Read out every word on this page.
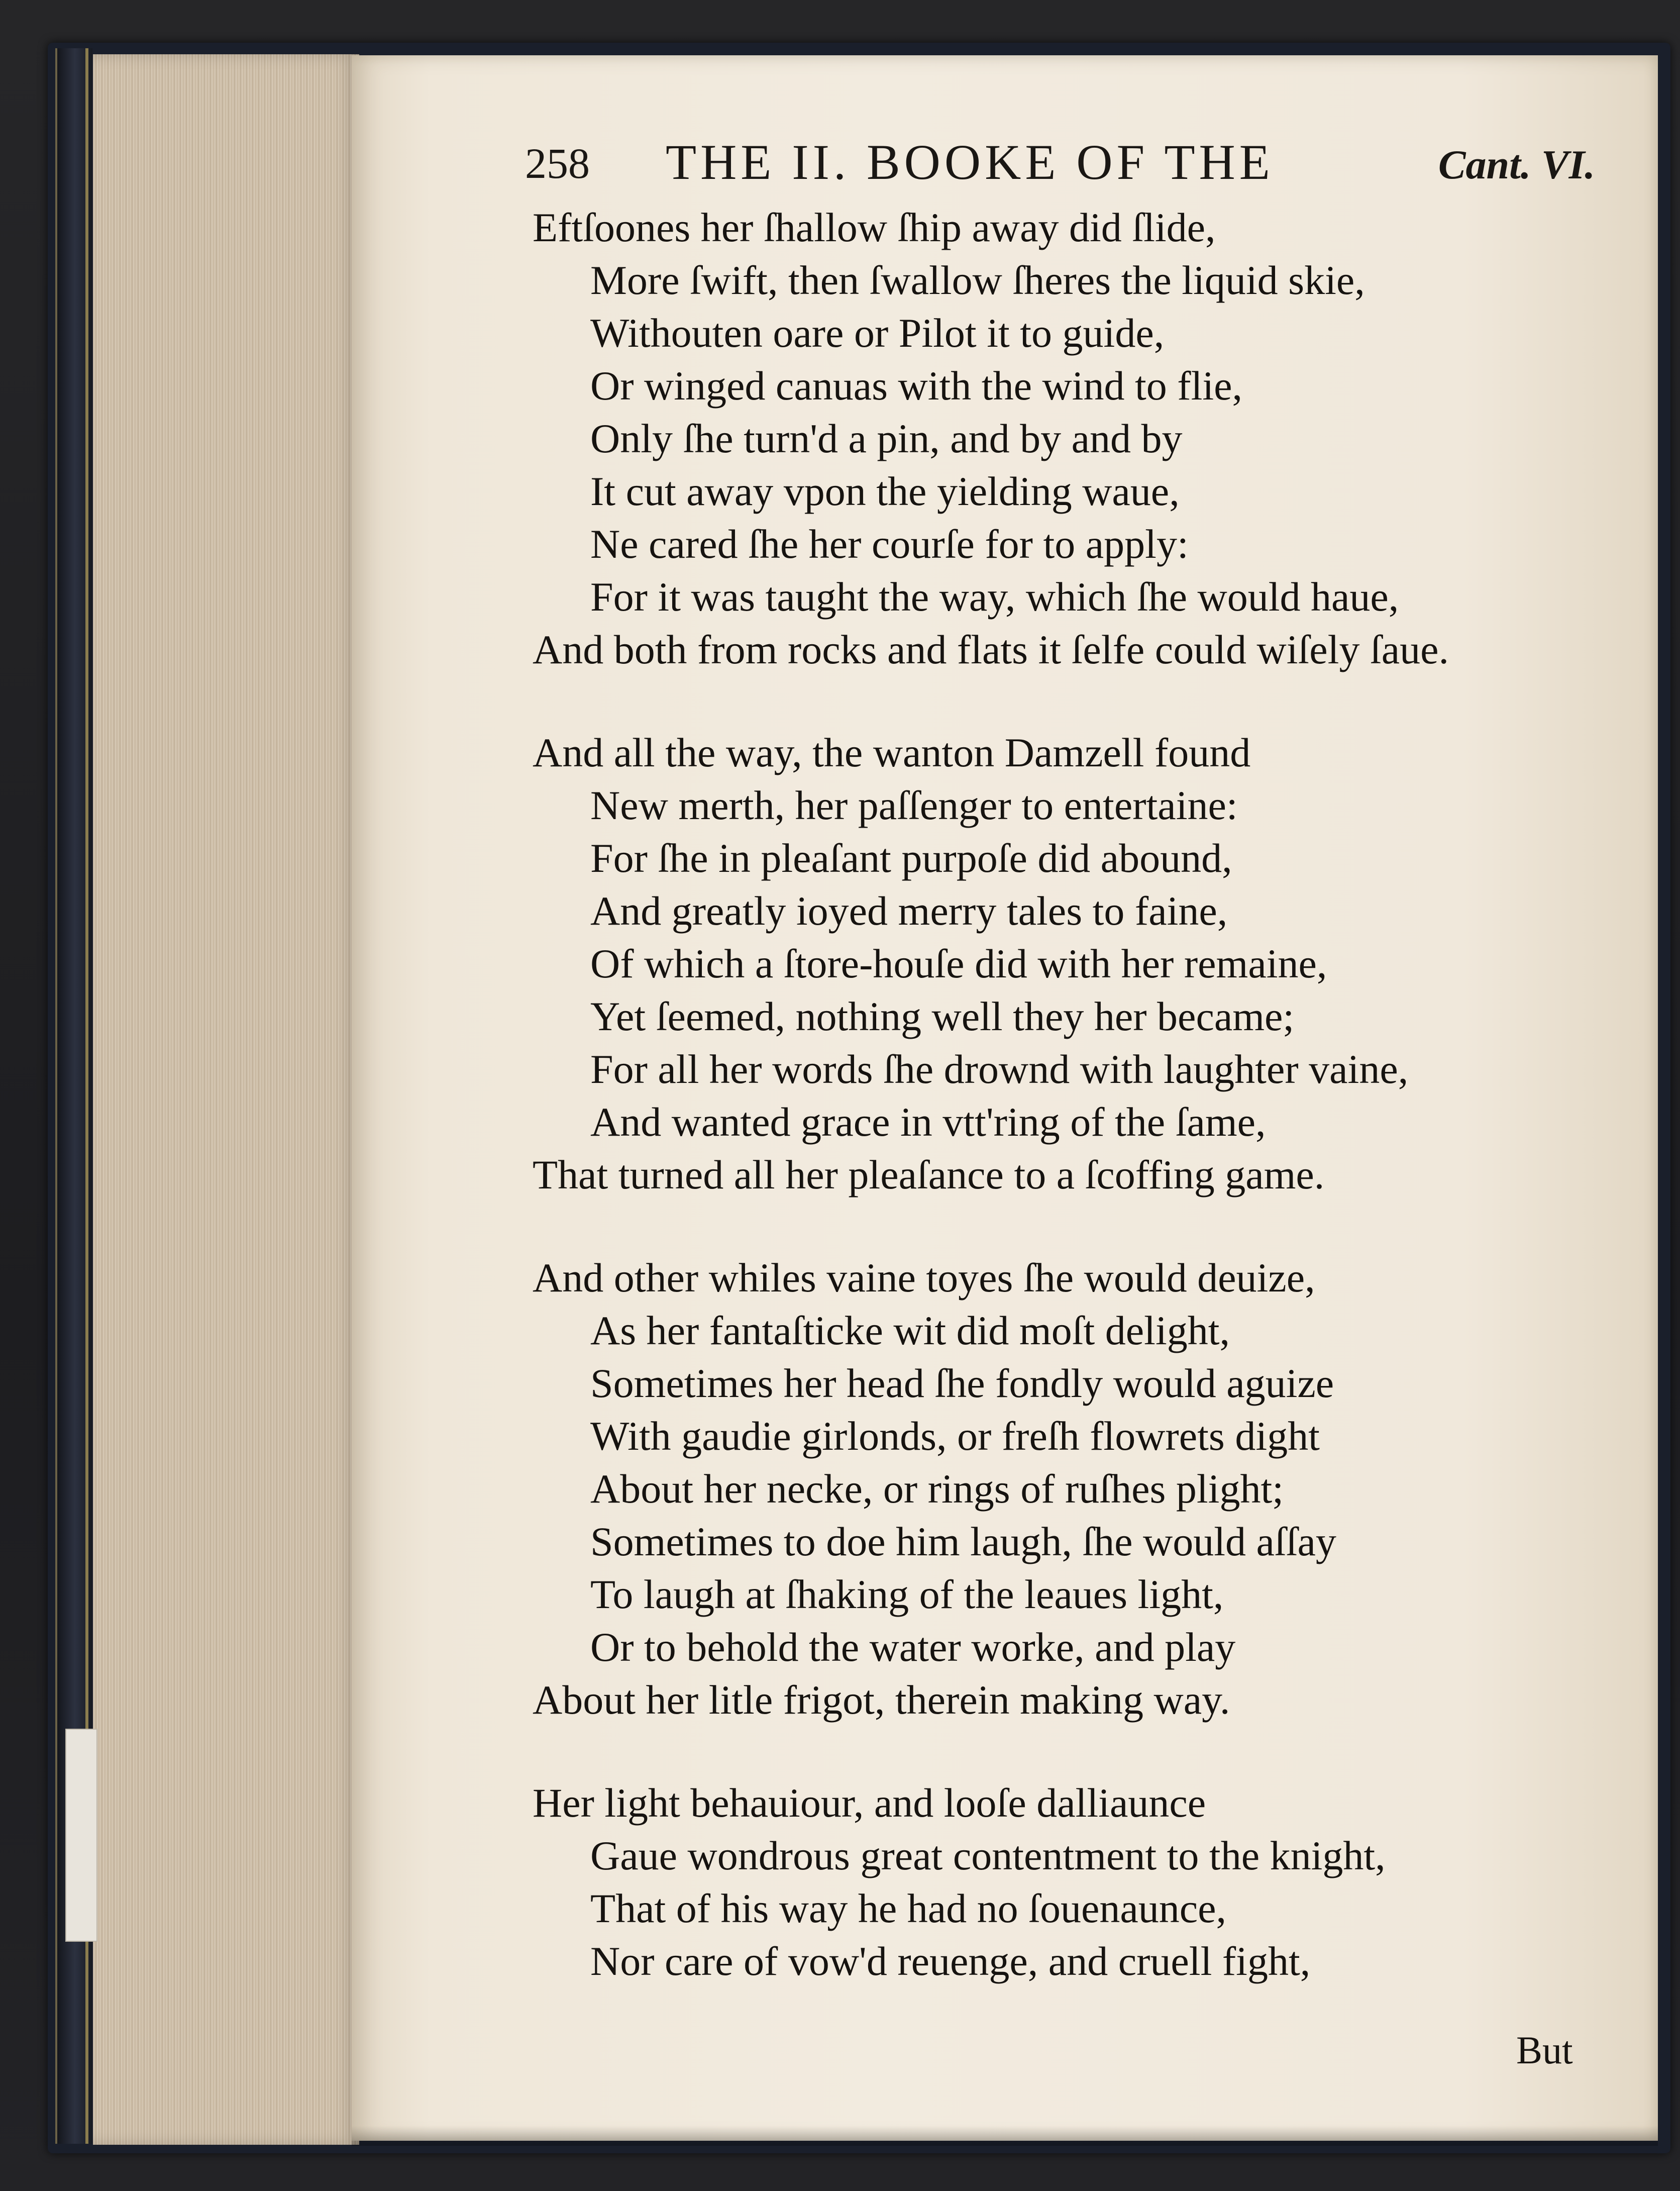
258 THE II. BOOKE OF THE	Cant. VI.
Eftſoones her ſhallow ſhip away did ſlide,
More ſwift, then ſwallow ſheres the liquid skie,
Withouten oare or Pilot it to guide,
Or winged canuas with the wind to flie,
Only ſhe turn'd a pin, and by and by
It cut away vpon the yielding waue,
Ne cared ſhe her courſe for to apply:
For it was taught the way, which ſhe would haue,
And both from rocks and flats it ſelfe could wiſely ſaue.
And all the way, the wanton Damzell found
New merth, her paſſenger to entertaine:
For ſhe in pleaſant purpoſe did abound,
And greatly ioyed merry tales to faine,
Of which a ſtore-houſe did with her remaine,
Yet ſeemed, nothing well they her became;
For all her words ſhe drownd with laughter vaine,
And wanted grace in vtt'ring of the ſame,
That turned all her pleaſance to a ſcoffing game.
And other whiles vaine toyes ſhe would deuize,
As her fantaſticke wit did moſt delight,
Sometimes her head ſhe fondly would aguize
With gaudie girlonds, or freſh flowrets dight
About her necke, or rings of ruſhes plight;
Sometimes to doe him laugh, ſhe would aſſay
To laugh at ſhaking of the leaues light,
Or to behold the water worke, and play
About her litle frigot, therein making way.
Her light behauiour, and looſe dalliaunce
Gaue wondrous great contentment to the knight,
That of his way he had no ſouenaunce,
Nor care of vow'd reuenge, and cruell fight,
But
